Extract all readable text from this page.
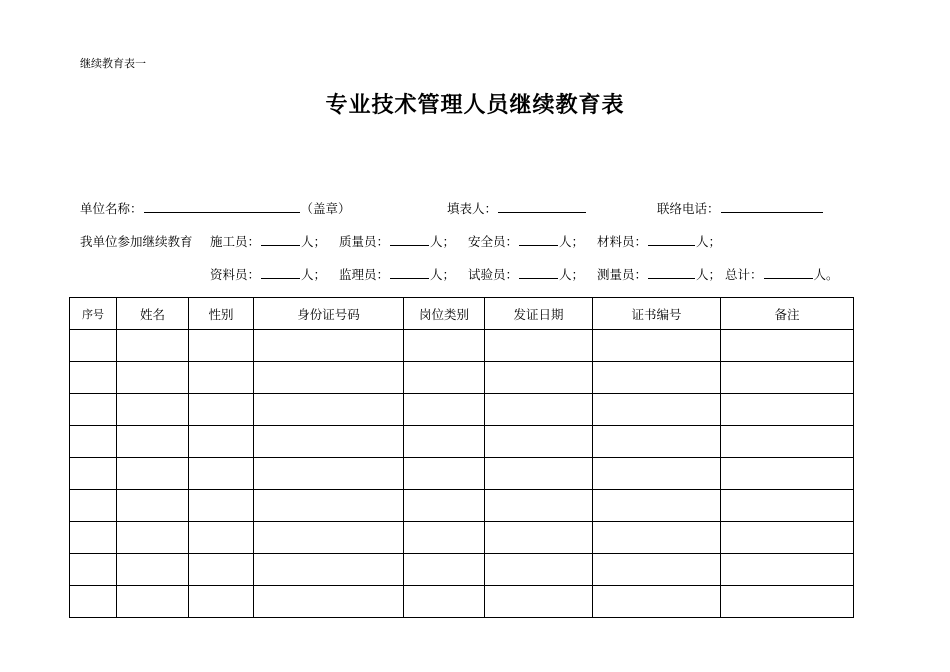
继续教育表一
专业技术管理人员继续教育表
单位名称：	（盖章）	填表人：	联络电话：
我单位参加继续教育 施工员：	人； 质量员：	人； 安全员：	人； 材料员：	人；
资料员：	人； 监理员：	人； 试验员：	人； 测量员：	人； 总计：	人。
序号	姓名	性别	身份证号码	岗位类别	发证日期	证书编号	备注
